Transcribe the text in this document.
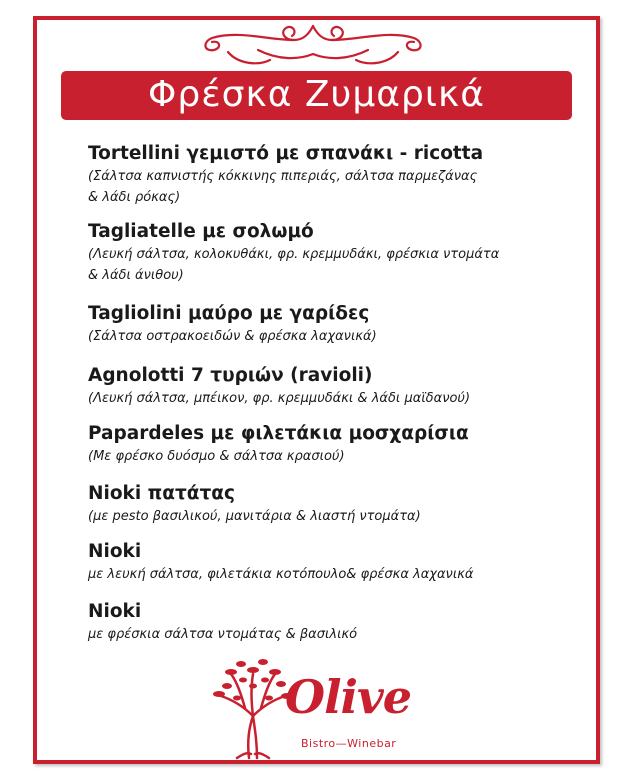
Φρέσκα Ζυμαρικά
Tortellini γεμιστό με σπανάκι - ricotta
(Σάλτσα καπνιστής κόκκινης πιπεριάς, σάλτσα παρμεζάνας
& λάδι ρόκας)
Tagliatelle με σολωμό
(Λευκή σάλτσα, κολοκυθάκι, φρ. κρεμμυδάκι, φρέσκια ντομάτα
& λάδι άνιθου)
Tagliolini μαύρο με γαρίδες
(Σάλτσα οστρακοειδών & φρέσκα λαχανικά)
Agnolotti 7 τυριών (ravioli)
(Λευκή σάλτσα, μπέικον, φρ. κρεμμυδάκι & λάδι μαϊδανού)
Papardeles με φιλετάκια μοσχαρίσια
(Με φρέσκο δυόσμο & σάλτσα κρασιού)
Nioki πατάτας
(με pesto βασιλικού, μανιτάρια & λιαστή ντομάτα)
Nioki
με λευκή σάλτσα, φιλετάκια κοτόπουλο& φρέσκα λαχανικά
Nioki
με φρέσκια σάλτσα ντομάτας & βασιλικό
Olive
Bistro—Winebar
